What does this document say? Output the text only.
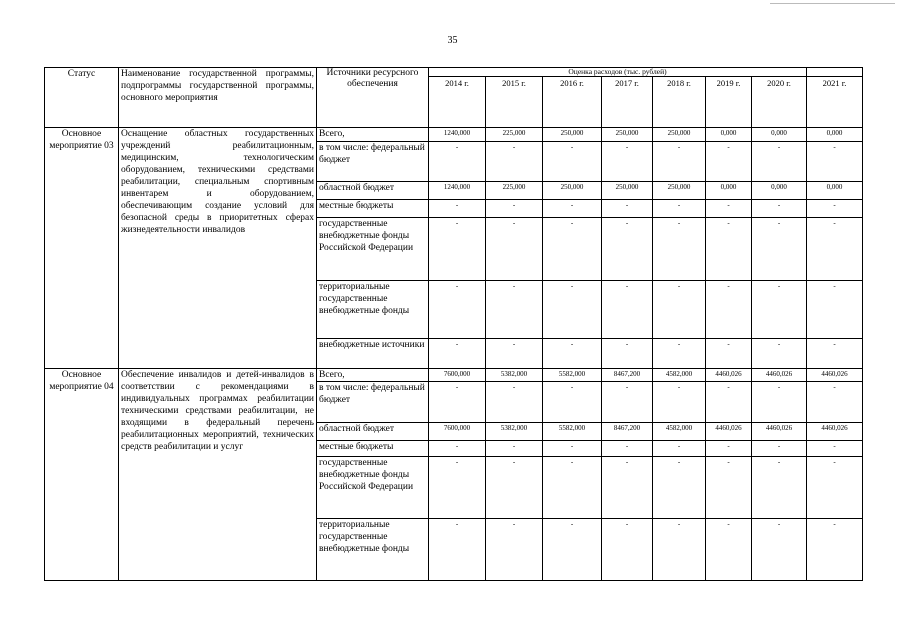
35
Статус	Наименование государственной программы, подпрограммы государственной программы, основного мероприятия	Источники ресурсного обеспечения	Оценка расходов (тыс. рублей)							
			2014 г.	2015 г.	2016 г.	2017 г.	2018 г.	2019 г.	2020 г.	2021 г.
Основное мероприятие 03	Оснащение областных государственных учреждений реабилитационным, медицинским, технологическим оборудованием, техническими средствами реабилитации, специальным спортивным инвентарем и оборудованием, обеспечивающим создание условий для безопасной среды в приоритетных сферах жизнедеятельности инвалидов	Всего,	1240,000	225,000	250,000	250,000	250,000	0,000	0,000	0,000
		в том числе: федеральный бюджет	-	-	-	-	-	-	-	-
		областной бюджет	1240,000	225,000	250,000	250,000	250,000	0,000	0,000	0,000
		местные бюджеты	-	-	-	-	-	-	-	-
		государственные внебюджетные фонды Российской Федерации	-	-	-	-	-	-	-	-
		территориальные государственные внебюджетные фонды	-	-	-	-	-	-	-	-
		внебюджетные источники	-	-	-	-	-	-	-	-
Основное мероприятие 04	Обеспечение инвалидов и детей-инвалидов в соответствии с рекомендациями в индивидуальных программах реабилитации техническими средствами реабилитации, не входящими в федеральный перечень реабилитационных мероприятий, технических средств реабилитации и услуг	Всего,	7600,000	5382,000	5582,000	8467,200	4582,000	4460,026	4460,026	4460,026
		в том числе: федеральный бюджет	-	-	-	-	-	-	-	-
		областной бюджет	7600,000	5382,000	5582,000	8467,200	4582,000	4460,026	4460,026	4460,026
		местные бюджеты	-	-	-	-	-	-	-	-
		государственные внебюджетные фонды Российской Федерации	-	-	-	-	-	-	-	-
		территориальные государственные внебюджетные фонды	-	-	-	-	-	-	-	-
